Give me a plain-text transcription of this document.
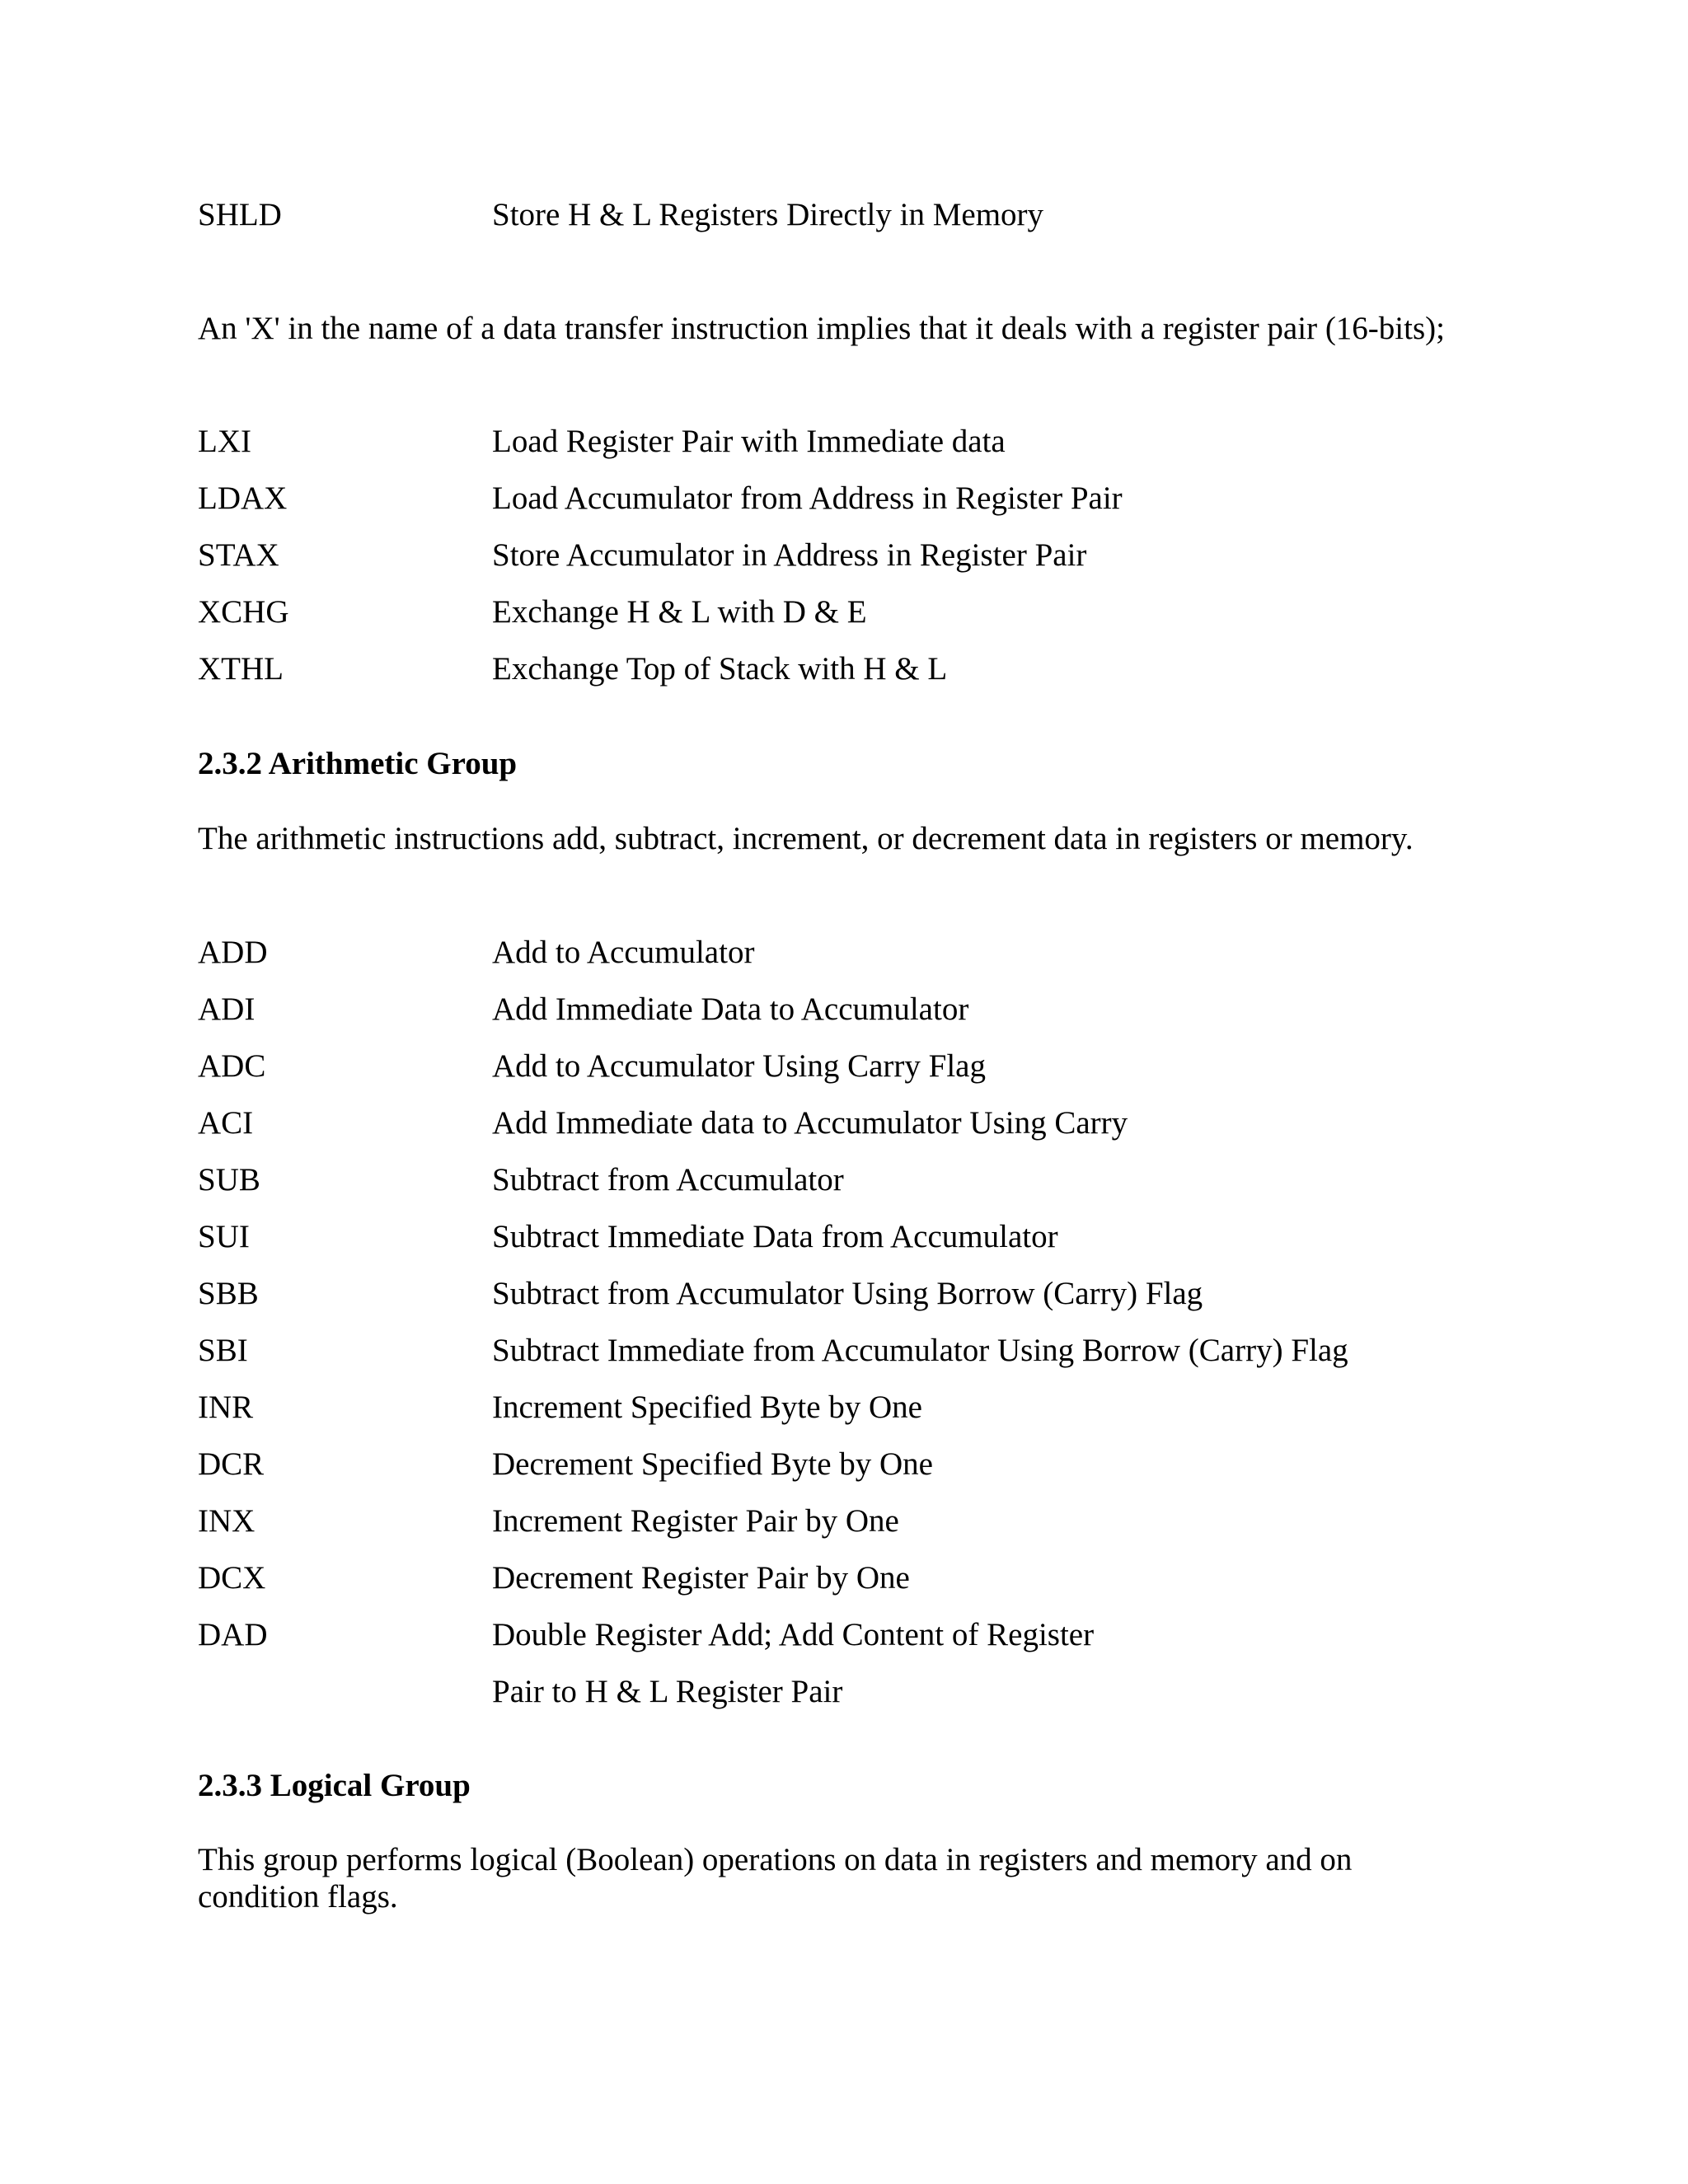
SHLD	Store H & L Registers Directly in Memory
An 'X' in the name of a data transfer instruction implies that it deals with a register pair (16-bits);
LXI	Load Register Pair with Immediate data
LDAX	Load Accumulator from Address in Register Pair
STAX	Store Accumulator in Address in Register Pair
XCHG	Exchange H & L with D & E
XTHL	Exchange Top of Stack with H & L
2.3.2 Arithmetic Group
The arithmetic instructions add, subtract, increment, or decrement data in registers or memory.
ADD	Add to Accumulator
ADI	Add Immediate Data to Accumulator
ADC	Add to Accumulator Using Carry Flag
ACI	Add Immediate data to Accumulator Using Carry
SUB	Subtract from Accumulator
SUI	Subtract Immediate Data from Accumulator
SBB	Subtract from Accumulator Using Borrow (Carry) Flag
SBI	Subtract Immediate from Accumulator Using Borrow (Carry) Flag
INR	Increment Specified Byte by One
DCR	Decrement Specified Byte by One
INX	Increment Register Pair by One
DCX	Decrement Register Pair by One
DAD	Double Register Add; Add Content of Register
Pair to H & L Register Pair
2.3.3 Logical Group
This group performs logical (Boolean) operations on data in registers and memory and on
condition flags.
